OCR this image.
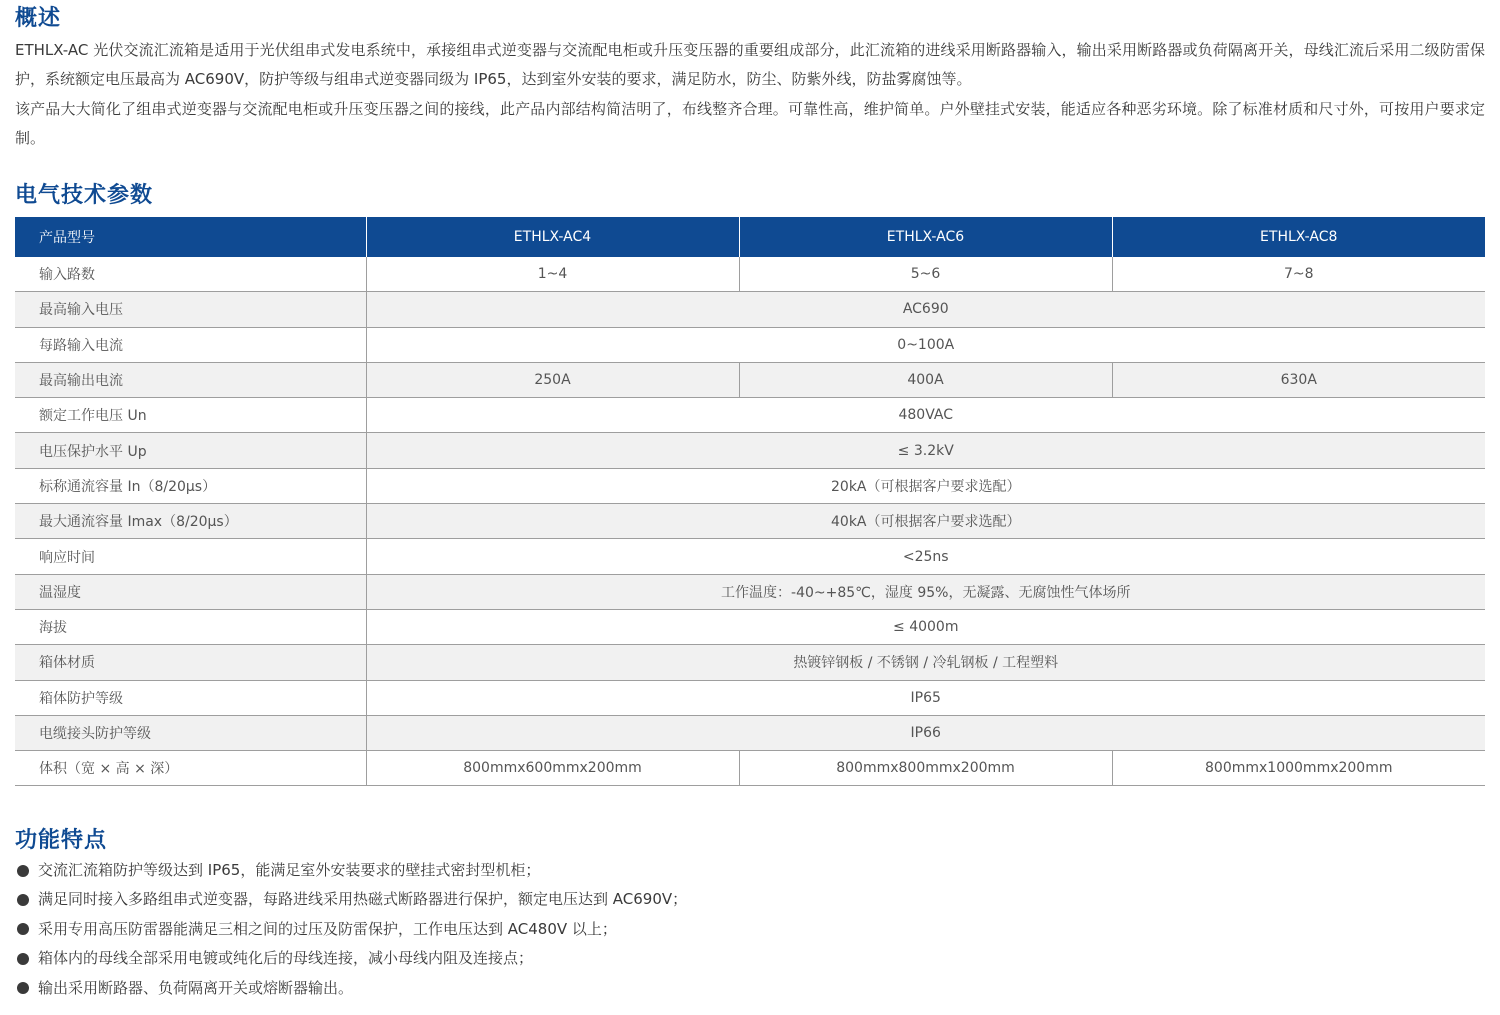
概述

ETHLX-AC 光伏交流汇流箱是适用于光伏组串式发电系统中，承接组串式逆变器与交流配电柜或升压变压器的重要组成部分，此汇流箱的进线采用断路器输入，输出采用断路器或负荷隔离开关，母线汇流后采用二级防雷保护，系统额定电压最高为 AC690V，防护等级与组串式逆变器同级为 IP65，达到室外安装的要求，满足防水，防尘、防紫外线，防盐雾腐蚀等。

该产品大大简化了组串式逆变器与交流配电柜或升压变压器之间的接线，此产品内部结构简洁明了，布线整齐合理。可靠性高，维护简单。户外壁挂式安装，能适应各种恶劣环境。除了标准材质和尺寸外，可按用户要求定制。

电气技术参数
产品型号	ETHLX-AC4	ETHLX-AC6	ETHLX-AC8
输入路数	1~4	5~6	7~8
最高输入电压	AC690		
每路输入电流	0~100A		
最高输出电流	250A	400A	630A
额定工作电压 Un	480VAC		
电压保护水平 Up	≤ 3.2kV		
标称通流容量 In（8/20μs）	20kA（可根据客户要求选配）		
最大通流容量 Imax（8/20μs）	40kA（可根据客户要求选配）		
响应时间	<25ns		
温湿度	工作温度：-40~+85℃，湿度 95%，无凝露、无腐蚀性气体场所		
海拔	≤ 4000m		
箱体材质	热镀锌钢板 / 不锈钢 / 冷轧钢板 / 工程塑料		
箱体防护等级	IP65		
电缆接头防护等级	IP66		
体积（宽 × 高 × 深）	800mmx600mmx200mm	800mmx800mmx200mm	800mmx1000mmx200mm
功能特点
交流汇流箱防护等级达到 IP65，能满足室外安装要求的壁挂式密封型机柜；
满足同时接入多路组串式逆变器，每路进线采用热磁式断路器进行保护，额定电压达到 AC690V；
采用专用高压防雷器能满足三相之间的过压及防雷保护，工作电压达到 AC480V 以上；
箱体内的母线全部采用电镀或纯化后的母线连接，减小母线内阻及连接点；
输出采用断路器、负荷隔离开关或熔断器输出。
